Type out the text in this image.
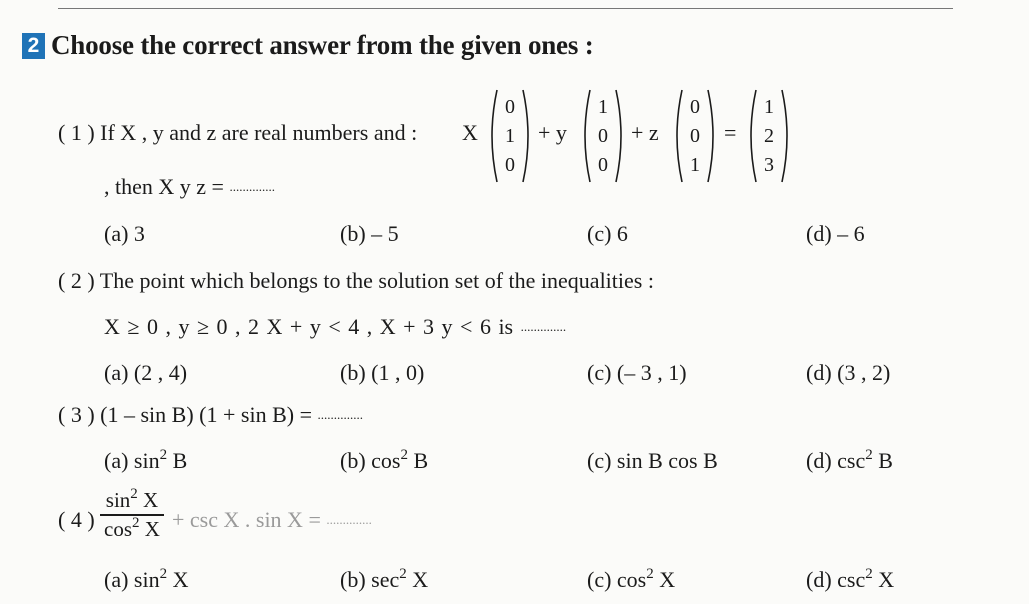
2 Choose the correct answer from the given ones :
( 1 ) If X , y and z are real numbers and : X
0
1
0
+ y
1
0
0
+ z
0
0
1
=
1
2
3
, then X y z = ..............
(a) 3	(b) – 5	(c) 6	(d) – 6
( 2 ) The point which belongs to the solution set of the inequalities :
X ≥ 0 , y ≥ 0 , 2 X + y < 4 , X + 3 y < 6 is ..............
(a) (2 , 4)	(b) (1 , 0)	(c) (– 3 , 1)	(d) (3 , 2)
( 3 ) (1 – sin B) (1 + sin B) = ..............
(a) $\sin^2 B$	(b) $\cos^2 B$	(c) sin B cos B	(d) $\csc^2 B$
( 4 )
$\sin^2 X$
$\cos^2 X + \csc X$ . sin X = ..............
(a) $\sin^2 X$	(b) $\sec^2 X$	(c) $\cos^2 X$	(d) $\csc^2 X$
